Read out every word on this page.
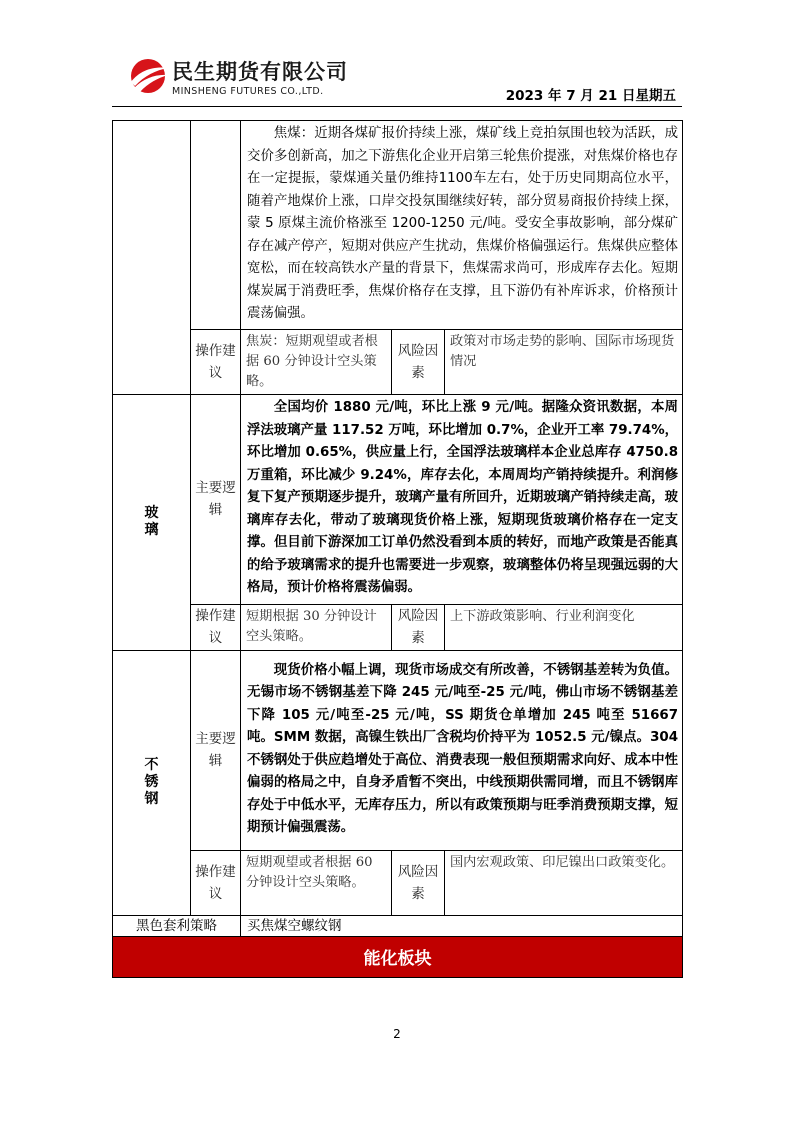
民生期货有限公司
MINSHENG FUTURES CO.,LTD.	2023 年 7 月 21 日星期五

		焦煤：近期各煤矿报价持续上涨，煤矿线上竞拍氛围也较为活跃，成交价多创新高，加之下游焦化企业开启第三轮焦价提涨，对焦煤价格也存在一定提振，蒙煤通关量仍维持1100车左右，处于历史同期高位水平，随着产地煤价上涨，口岸交投氛围继续好转，部分贸易商报价持续上探，蒙 5 原煤主流价格涨至 1200-1250 元/吨。受安全事故影响，部分煤矿存在减产停产，短期对供应产生扰动，焦煤价格偏强运行。焦煤供应整体宽松，而在较高铁水产量的背景下，焦煤需求尚可，形成库存去化。短期煤炭属于消费旺季，焦煤价格存在支撑，且下游仍有补库诉求，价格预计震荡偏强。		

	操作建议	焦炭：短期观望或者根据 60 分钟设计空头策略。	风险因素	政策对市场走势的影响、国际市场现货情况
玻璃	主要逻辑	全国均价 1880 元/吨，环比上涨 9 元/吨。据隆众资讯数据，本周浮法玻璃产量 117.52 万吨，环比增加 0.7%，企业开工率 79.74%，环比增加 0.65%，供应量上行，全国浮法玻璃样本企业总库存 4750.8 万重箱，环比减少 9.24%，库存去化，本周周均产销持续提升。利润修复下复产预期逐步提升，玻璃产量有所回升，近期玻璃产销持续走高，玻璃库存去化，带动了玻璃现货价格上涨，短期现货玻璃价格存在一定支撑。但目前下游深加工订单仍然没看到本质的转好，而地产政策是否能真的给予玻璃需求的提升也需要进一步观察，玻璃整体仍将呈现强远弱的大格局，预计价格将震荡偏弱。		

	操作建议	短期根据 30 分钟设计空头策略。	风险因素	上下游政策影响、行业利润变化
不锈钢	主要逻辑	现货价格小幅上调，现货市场成交有所改善，不锈钢基差转为负值。无锡市场不锈钢基差下降 245 元/吨至-25 元/吨，佛山市场不锈钢基差下降 105 元/吨至-25 元/吨，SS 期货仓单增加 245 吨至 51667 吨。SMM 数据，高镍生铁出厂含税均价持平为 1052.5 元/镍点。304 不锈钢处于供应趋增处于高位、消费表现一般但预期需求向好、成本中性偏弱的格局之中，自身矛盾暂不突出，中线预期供需同增，而且不锈钢库存处于中低水平，无库存压力，所以有政策预期与旺季消费预期支撑，短期预计偏强震荡。		

	操作建议	短期观望或者根据 60 分钟设计空头策略。	风险因素	国内宏观政策、印尼镍出口政策变化。
黑色套利策略		买焦煤空螺纹钢		
能化板块				
2
